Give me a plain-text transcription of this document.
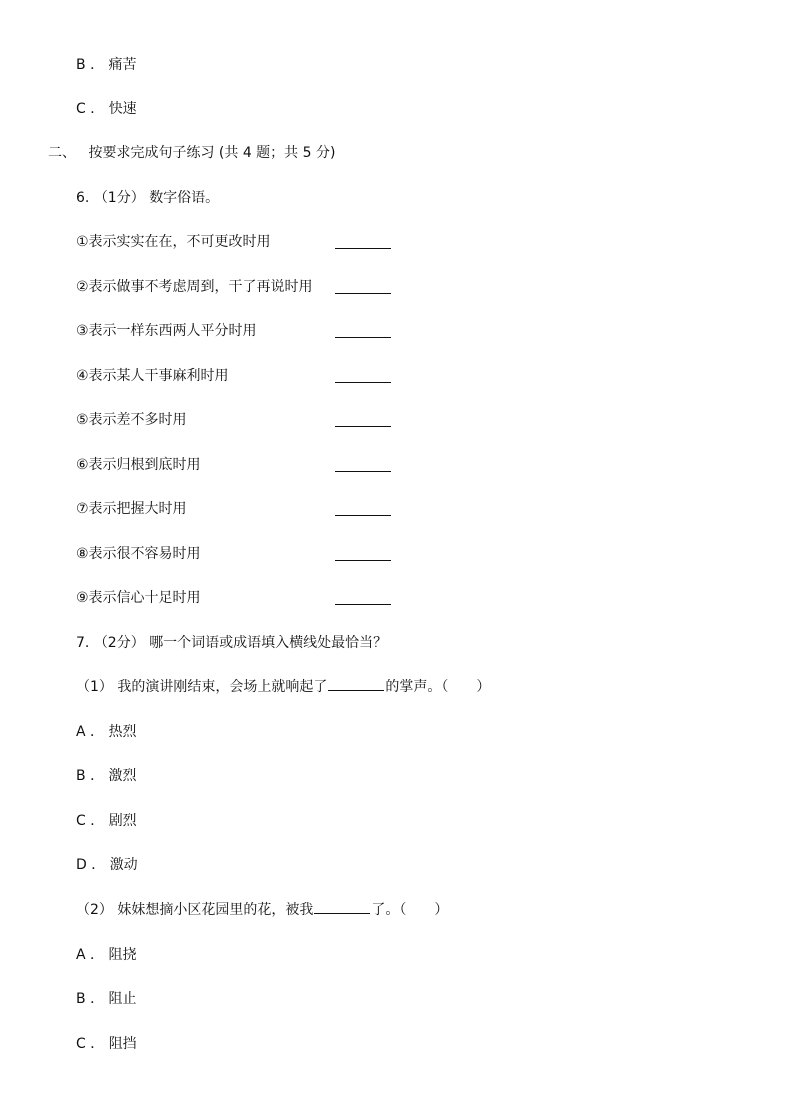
B ． 痛苦
C ． 快速
二、 按要求完成句子练习 (共 4 题；共 5 分)
6. （1分） 数字俗语。
①表示实实在在，不可更改时用
②表示做事不考虑周到，干了再说时用
③表示一样东西两人平分时用
④表示某人干事麻利时用
⑤表示差不多时用
⑥表示归根到底时用
⑦表示把握大时用
⑧表示很不容易时用
⑨表示信心十足时用
7. （2分） 哪一个词语或成语填入横线处最恰当？
（1） 我的演讲刚结束，会场上就响起了	的掌声。（ ）
A ． 热烈
B ． 激烈
C ． 剧烈
D ． 激动
（2） 妹妹想摘小区花园里的花，被我	了。（ ）
A ． 阻挠
B ． 阻止
C ． 阻挡
